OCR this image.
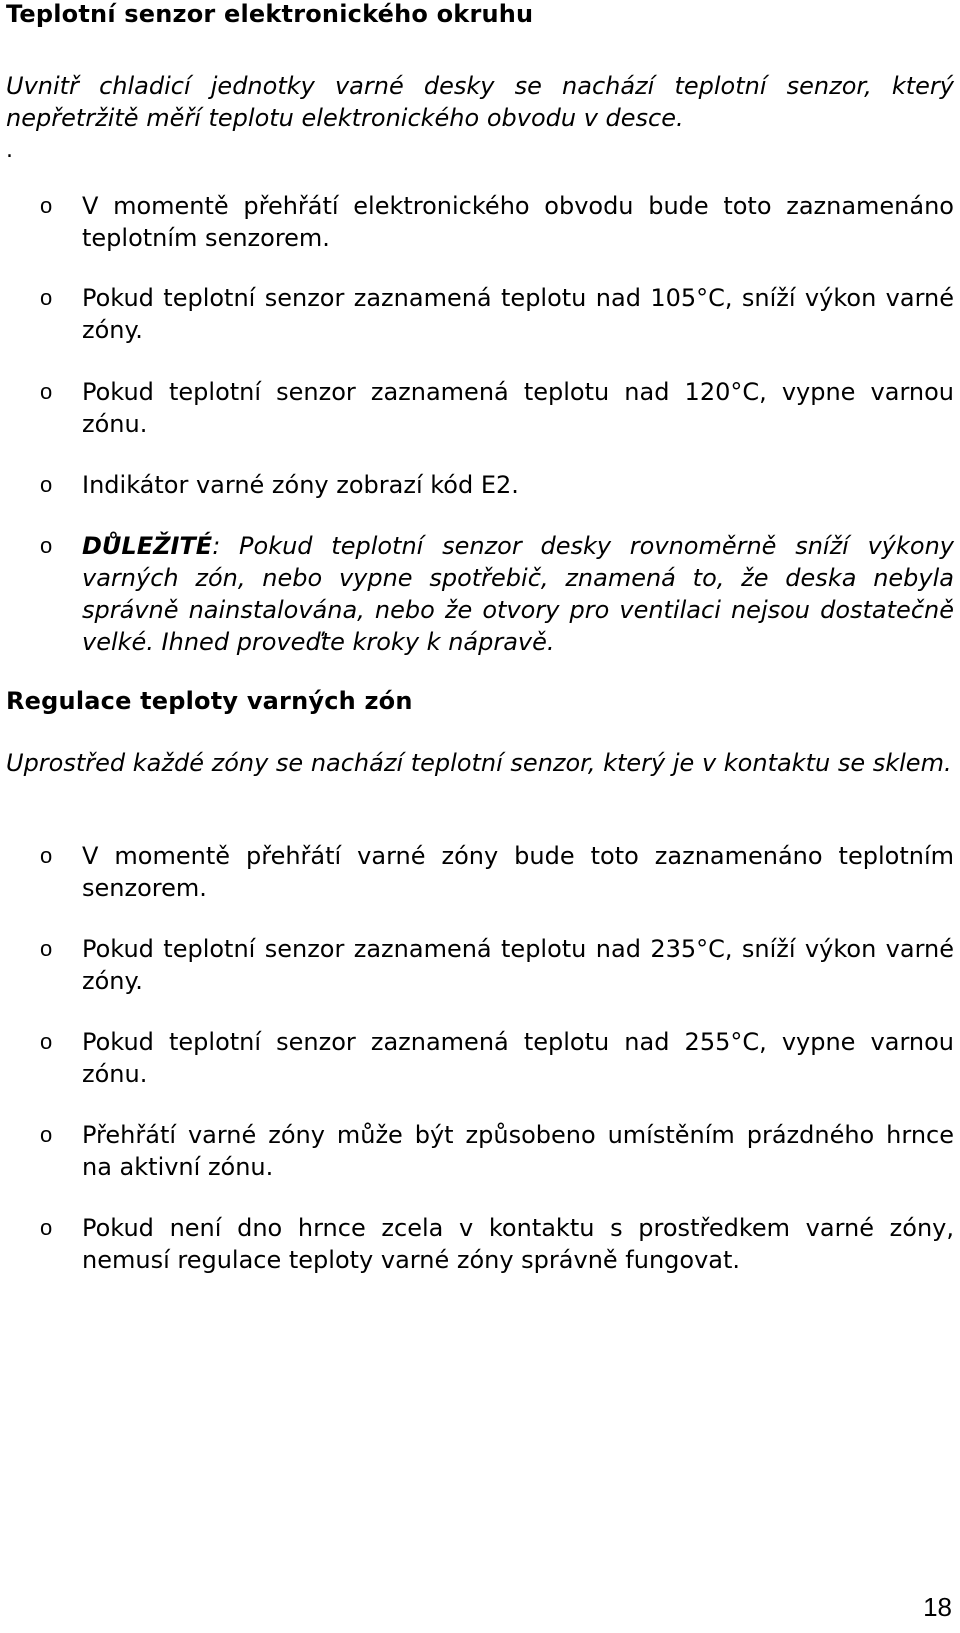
Teplotní senzor elektronického okruhu

Uvnitř chladicí jednotky varné desky se nachází teplotní senzor, který nepřetržitě měří teplotu elektronického obvodu v desce.

.
o V momentě přehřátí elektronického obvodu bude toto zaznamenáno teplotním senzorem.
o Pokud teplotní senzor zaznamená teplotu nad 105°C, sníží výkon varné zóny.
o Pokud teplotní senzor zaznamená teplotu nad 120°C, vypne varnou zónu.
o Indikátor varné zóny zobrazí kód E2.
o DŮLEŽITÉ: Pokud teplotní senzor desky rovnoměrně sníží výkony varných zón, nebo vypne spotřebič, znamená to, že deska nebyla správně nainstalována, nebo že otvory pro ventilaci nejsou dostatečně velké. Ihned proveďte kroky k nápravě.
Regulace teploty varných zón

Uprostřed každé zóny se nachází teplotní senzor, který je v kontaktu se sklem.

o V momentě přehřátí varné zóny bude toto zaznamenáno teplotním senzorem.
o Pokud teplotní senzor zaznamená teplotu nad 235°C, sníží výkon varné zóny.
o Pokud teplotní senzor zaznamená teplotu nad 255°C, vypne varnou zónu.
o Přehřátí varné zóny může být způsobeno umístěním prázdného hrnce na aktivní zónu.
o Pokud není dno hrnce zcela v kontaktu s prostředkem varné zóny, nemusí regulace teploty varné zóny správně fungovat.
18
